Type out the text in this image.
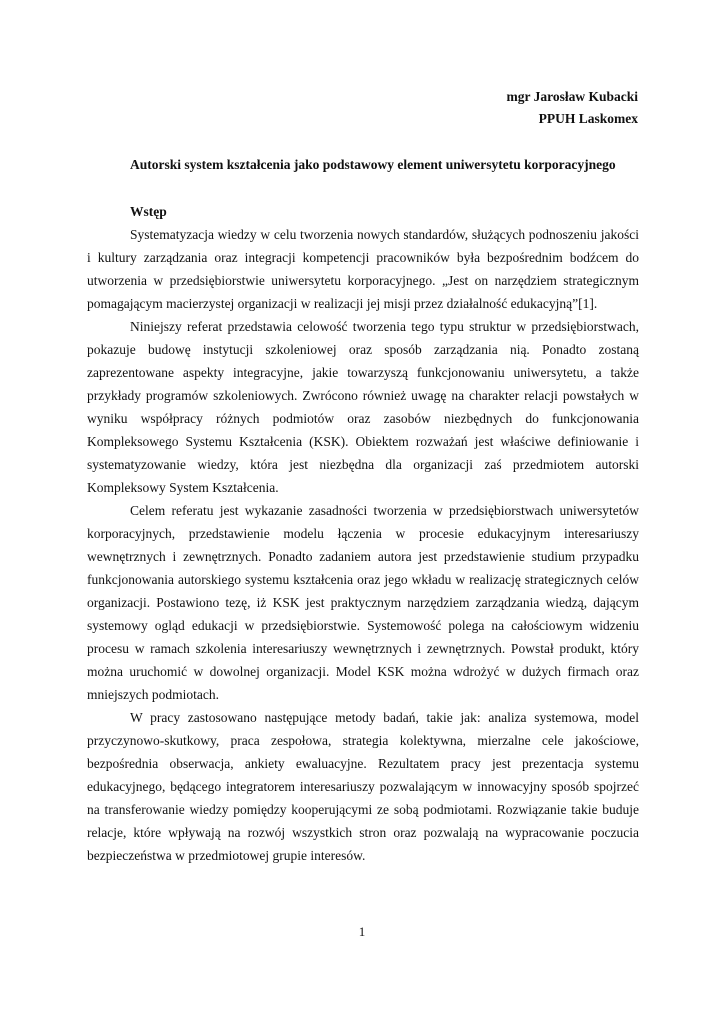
mgr Jarosław Kubacki
PPUH Laskomex
Autorski system kształcenia jako podstawowy element uniwersytetu korporacyjnego
Wstęp

Systematyzacja wiedzy w celu tworzenia nowych standardów, służących podnoszeniu jakości i kultury zarządzania oraz integracji kompetencji pracowników była bezpośrednim bodźcem do utworzenia w przedsiębiorstwie uniwersytetu korporacyjnego. „Jest on narzędziem strategicznym pomagającym macierzystej organizacji w realizacji jej misji przez działalność edukacyjną”[1].

Niniejszy referat przedstawia celowość tworzenia tego typu struktur w przedsiębiorstwach, pokazuje budowę instytucji szkoleniowej oraz sposób zarządzania nią. Ponadto zostaną zaprezentowane aspekty integracyjne, jakie towarzyszą funkcjonowaniu uniwersytetu, a także przykłady programów szkoleniowych. Zwrócono również uwagę na charakter relacji powstałych w wyniku współpracy różnych podmiotów oraz zasobów niezbędnych do funkcjonowania Kompleksowego Systemu Kształcenia (KSK). Obiektem rozważań jest właściwe definiowanie i systematyzowanie wiedzy, która jest niezbędna dla organizacji zaś przedmiotem autorski Kompleksowy System Kształcenia.

Celem referatu jest wykazanie zasadności tworzenia w przedsiębiorstwach uniwersytetów korporacyjnych, przedstawienie modelu łączenia w procesie edukacyjnym interesariuszy wewnętrznych i zewnętrznych. Ponadto zadaniem autora jest przedstawienie studium przypadku funkcjonowania autorskiego systemu kształcenia oraz jego wkładu w realizację strategicznych celów organizacji. Postawiono tezę, iż KSK jest praktycznym narzędziem zarządzania wiedzą, dającym systemowy ogląd edukacji w przedsiębiorstwie. Systemowość polega na całościowym widzeniu procesu w ramach szkolenia interesariuszy wewnętrznych i zewnętrznych. Powstał produkt, który można uruchomić w dowolnej organizacji. Model KSK można wdrożyć w dużych firmach oraz mniejszych podmiotach.

W pracy zastosowano następujące metody badań, takie jak: analiza systemowa, model przyczynowo-skutkowy, praca zespołowa, strategia kolektywna, mierzalne cele jakościowe, bezpośrednia obserwacja, ankiety ewaluacyjne. Rezultatem pracy jest prezentacja systemu edukacyjnego, będącego integratorem interesariuszy pozwalającym w innowacyjny sposób spojrzeć na transferowanie wiedzy pomiędzy kooperującymi ze sobą podmiotami. Rozwiązanie takie buduje relacje, które wpływają na rozwój wszystkich stron oraz pozwalają na wypracowanie poczucia bezpieczeństwa w przedmiotowej grupie interesów.

1
